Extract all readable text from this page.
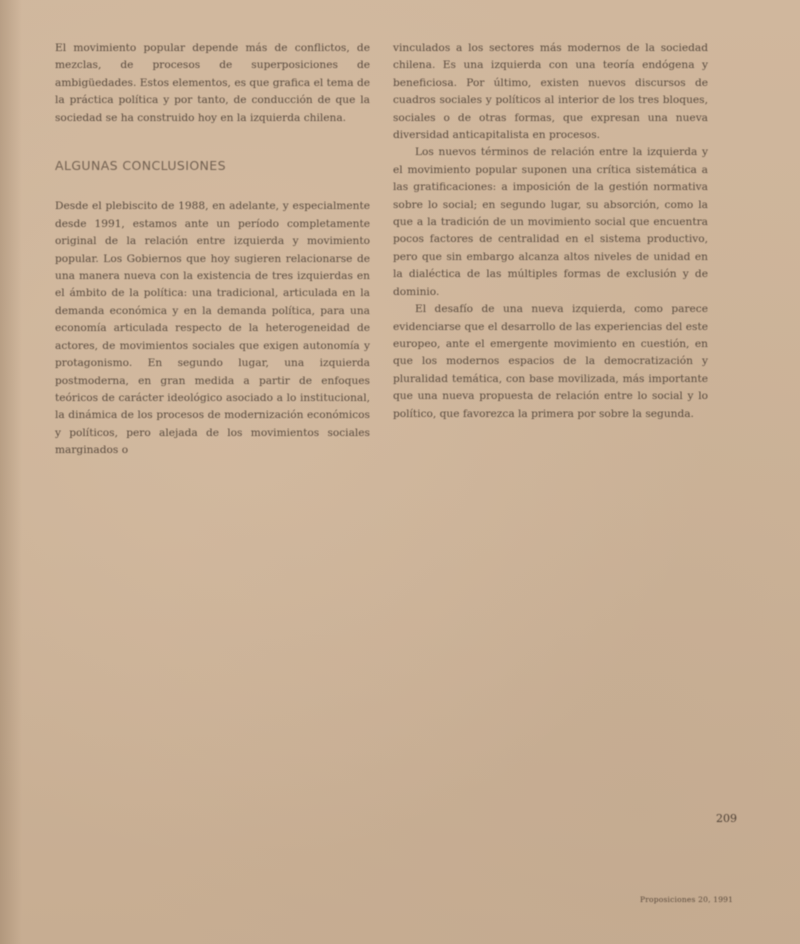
El movimiento popular depende más de conflictos, de mezclas, de procesos de superposiciones de ambigüedades. Estos elementos, es que grafica el tema de la práctica política y por tanto, de conducción de que la sociedad se ha construido hoy en la izquierda chilena.

ALGUNAS CONCLUSIONES

Desde el plebiscito de 1988, en adelante, y especialmente desde 1991, estamos ante un período completamente original de la relación entre izquierda y movimiento popular. Los Gobiernos que hoy sugieren relacionarse de una manera nueva con la existencia de tres izquierdas en el ámbito de la política: una tradicional, articulada en la demanda económica y en la demanda política, para una economía articulada respecto de la heterogeneidad de actores, de movimientos sociales que exigen autonomía y protagonismo. En segundo lugar, una izquierda postmoderna, en gran medida a partir de enfoques teóricos de carácter ideológico asociado a lo institucional, la dinámica de los procesos de modernización económicos y políticos, pero alejada de los movimientos sociales marginados o

vinculados a los sectores más modernos de la sociedad chilena. Es una izquierda con una teoría endógena y beneficiosa. Por último, existen nuevos discursos de cuadros sociales y políticos al interior de los tres bloques, sociales o de otras formas, que expresan una nueva diversidad anticapitalista en procesos.

Los nuevos términos de relación entre la izquierda y el movimiento popular suponen una crítica sistemática a las gratificaciones: a imposición de la gestión normativa sobre lo social; en segundo lugar, su absorción, como la que a la tradición de un movimiento social que encuentra pocos factores de centralidad en el sistema productivo, pero que sin embargo alcanza altos niveles de unidad en la dialéctica de las múltiples formas de exclusión y de dominio.

El desafío de una nueva izquierda, como parece evidenciarse que el desarrollo de las experiencias del este europeo, ante el emergente movimiento en cuestión, en que los modernos espacios de la democratización y pluralidad temática, con base movilizada, más importante que una nueva propuesta de relación entre lo social y lo político, que favorezca la primera por sobre la segunda.

209
Proposiciones 20, 1991
